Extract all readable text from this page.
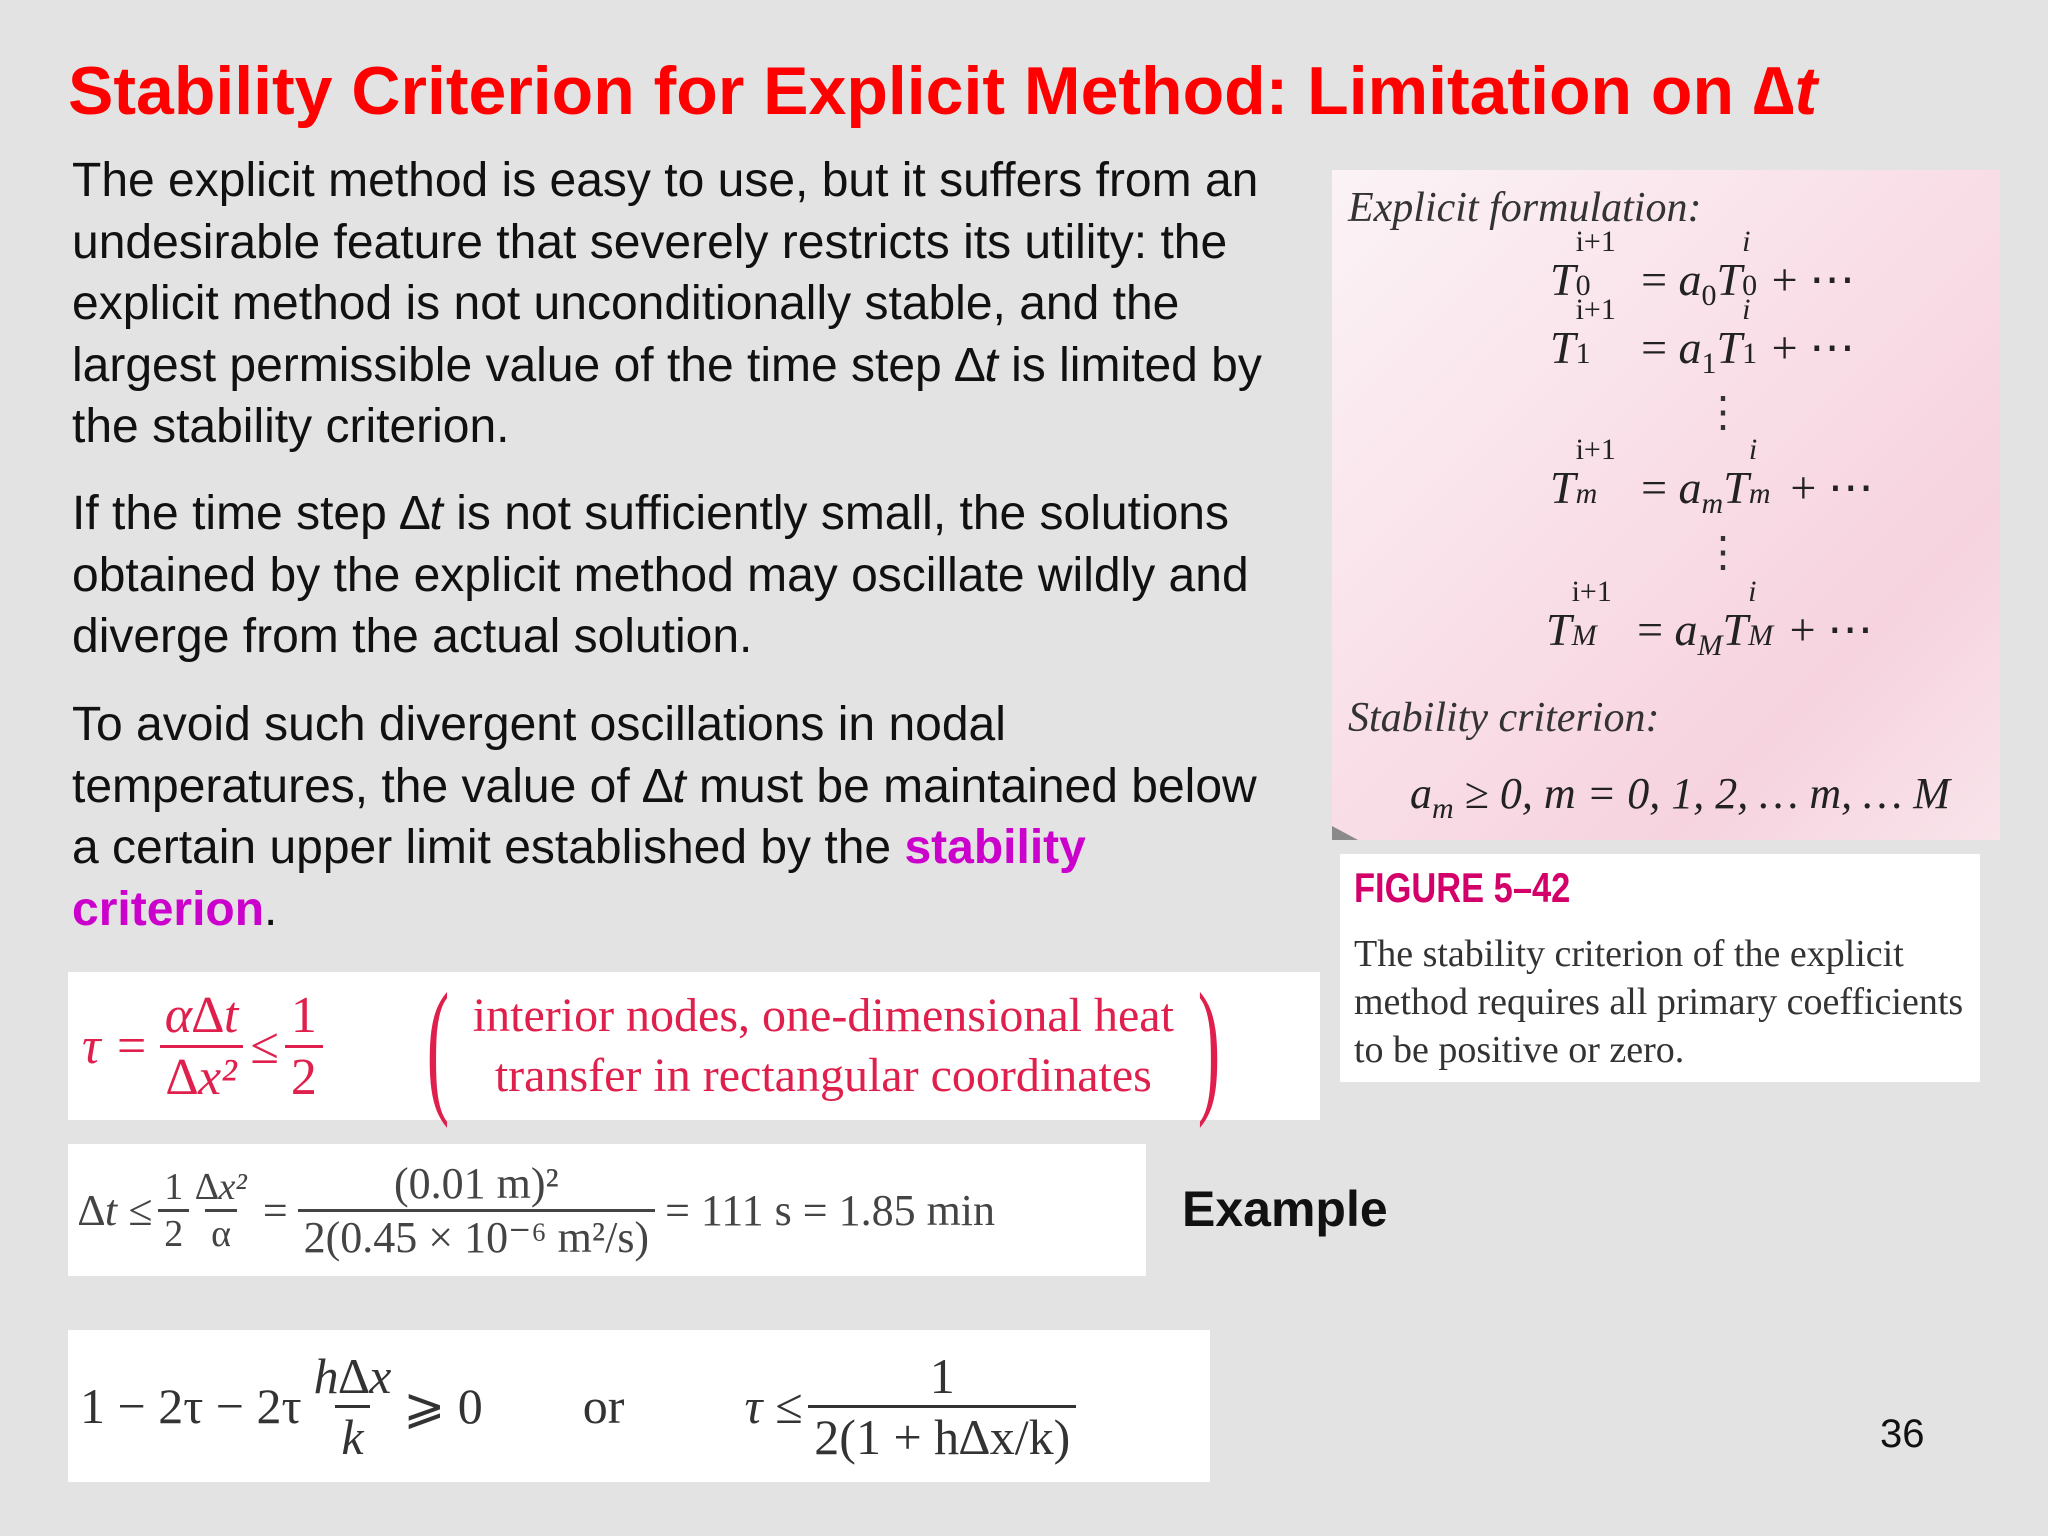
Stability Criterion for Explicit Method: Limitation on ∆t

The explicit method is easy to use, but it suffers from an undesirable feature that severely restricts its utility: the explicit method is not unconditionally stable, and the largest permissible value of the time step ∆t is limited by the stability criterion.

If the time step ∆t is not sufficiently small, the solutions obtained by the explicit method may oscillate wildly and diverge from the actual solution.

To avoid such divergent oscillations in nodal temperatures, the value of ∆t must be maintained below a certain upper limit established by the stability criterion.

Explicit formulation:
T
i+1
$0 = a_0T$
i
0 + ⋯
T
i+1
$1 = a_1T$
i
1 + ⋯
⋮
T
i+1
$m = a_mT$
i
m + ⋯
⋮
T
i+1
$M = a_MT$
i
M + ⋯
Stability criterion:
$a_m \ge 0$, m = 0, 1, 2, … m, … M
FIGURE 5–42
The stability criterion of the explicit method requires all primary coefficients to be positive or zero.
$\tau = \frac{\alpha\Delta t}{\text{∆x²}} \le \frac{1}{2}$ ( interior nodes, one-dimensional heat
transfer in rectangular coordinates )
$\Delta t \le \frac{1}{2} \frac{\text{∆x²}}{\alpha} = \frac{\text{(0.01 m)²}}{\text{2(0.45 × 10⁻⁶ m²/s)}} = 111$ s = 1.85 min	Example
$1 - 2\tau - 2\tau \frac{h\Delta x}{k}$ ⩾ 0 or $\tau \le \frac{1}{2(1 + h\Delta x/k)}$	36
